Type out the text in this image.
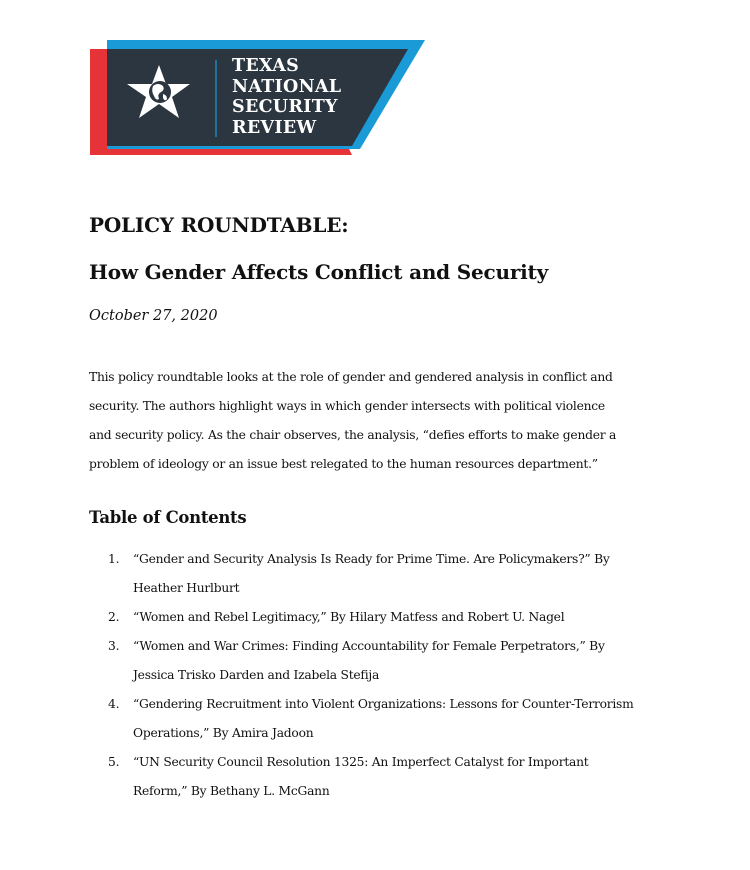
TEXAS
NATIONAL
SECURITY
REVIEW
POLICY ROUNDTABLE:
How Gender Affects Conflict and Security
October 27, 2020
This policy roundtable looks at the role of gender and gendered analysis in conflict and
security. The authors highlight ways in which gender intersects with political violence
and security policy. As the chair observes, the analysis, “defies efforts to make gender a
problem of ideology or an issue best relegated to the human resources department.”
Table of Contents
1. “Gender and Security Analysis Is Ready for Prime Time. Are Policymakers?” By
Heather Hurlburt
2. “Women and Rebel Legitimacy,” By Hilary Matfess and Robert U. Nagel
3. “Women and War Crimes: Finding Accountability for Female Perpetrators,” By
Jessica Trisko Darden and Izabela Stefija
4. “Gendering Recruitment into Violent Organizations: Lessons for Counter-Terrorism
Operations,” By Amira Jadoon
5. “UN Security Council Resolution 1325: An Imperfect Catalyst for Important
Reform,” By Bethany L. McGann
